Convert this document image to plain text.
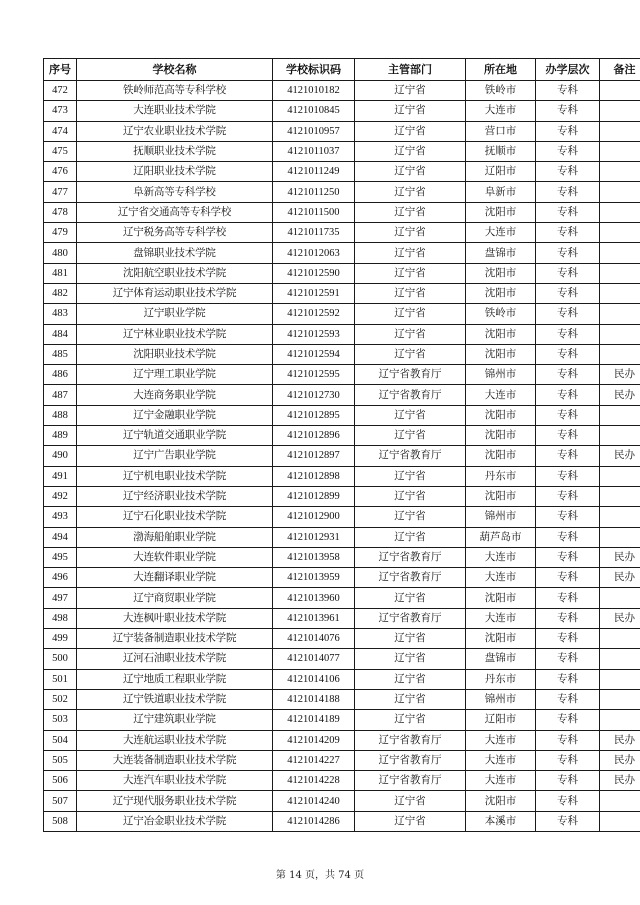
序号	学校名称	学校标识码	主管部门	所在地	办学层次	备注
472	铁岭师范高等专科学校	4121010182	辽宁省	铁岭市	专科	
473	大连职业技术学院	4121010845	辽宁省	大连市	专科	
474	辽宁农业职业技术学院	4121010957	辽宁省	营口市	专科	
475	抚顺职业技术学院	4121011037	辽宁省	抚顺市	专科	
476	辽阳职业技术学院	4121011249	辽宁省	辽阳市	专科	
477	阜新高等专科学校	4121011250	辽宁省	阜新市	专科	
478	辽宁省交通高等专科学校	4121011500	辽宁省	沈阳市	专科	
479	辽宁税务高等专科学校	4121011735	辽宁省	大连市	专科	
480	盘锦职业技术学院	4121012063	辽宁省	盘锦市	专科	
481	沈阳航空职业技术学院	4121012590	辽宁省	沈阳市	专科	
482	辽宁体育运动职业技术学院	4121012591	辽宁省	沈阳市	专科	
483	辽宁职业学院	4121012592	辽宁省	铁岭市	专科	
484	辽宁林业职业技术学院	4121012593	辽宁省	沈阳市	专科	
485	沈阳职业技术学院	4121012594	辽宁省	沈阳市	专科	
486	辽宁理工职业学院	4121012595	辽宁省教育厅	锦州市	专科	民办
487	大连商务职业学院	4121012730	辽宁省教育厅	大连市	专科	民办
488	辽宁金融职业学院	4121012895	辽宁省	沈阳市	专科	
489	辽宁轨道交通职业学院	4121012896	辽宁省	沈阳市	专科	
490	辽宁广告职业学院	4121012897	辽宁省教育厅	沈阳市	专科	民办
491	辽宁机电职业技术学院	4121012898	辽宁省	丹东市	专科	
492	辽宁经济职业技术学院	4121012899	辽宁省	沈阳市	专科	
493	辽宁石化职业技术学院	4121012900	辽宁省	锦州市	专科	
494	渤海船舶职业学院	4121012931	辽宁省	葫芦岛市	专科	
495	大连软件职业学院	4121013958	辽宁省教育厅	大连市	专科	民办
496	大连翻译职业学院	4121013959	辽宁省教育厅	大连市	专科	民办
497	辽宁商贸职业学院	4121013960	辽宁省	沈阳市	专科	
498	大连枫叶职业技术学院	4121013961	辽宁省教育厅	大连市	专科	民办
499	辽宁装备制造职业技术学院	4121014076	辽宁省	沈阳市	专科	
500	辽河石油职业技术学院	4121014077	辽宁省	盘锦市	专科	
501	辽宁地质工程职业学院	4121014106	辽宁省	丹东市	专科	
502	辽宁铁道职业技术学院	4121014188	辽宁省	锦州市	专科	
503	辽宁建筑职业学院	4121014189	辽宁省	辽阳市	专科	
504	大连航运职业技术学院	4121014209	辽宁省教育厅	大连市	专科	民办
505	大连装备制造职业技术学院	4121014227	辽宁省教育厅	大连市	专科	民办
506	大连汽车职业技术学院	4121014228	辽宁省教育厅	大连市	专科	民办
507	辽宁现代服务职业技术学院	4121014240	辽宁省	沈阳市	专科	
508	辽宁冶金职业技术学院	4121014286	辽宁省	本溪市	专科	
第 14 页，共 74 页
